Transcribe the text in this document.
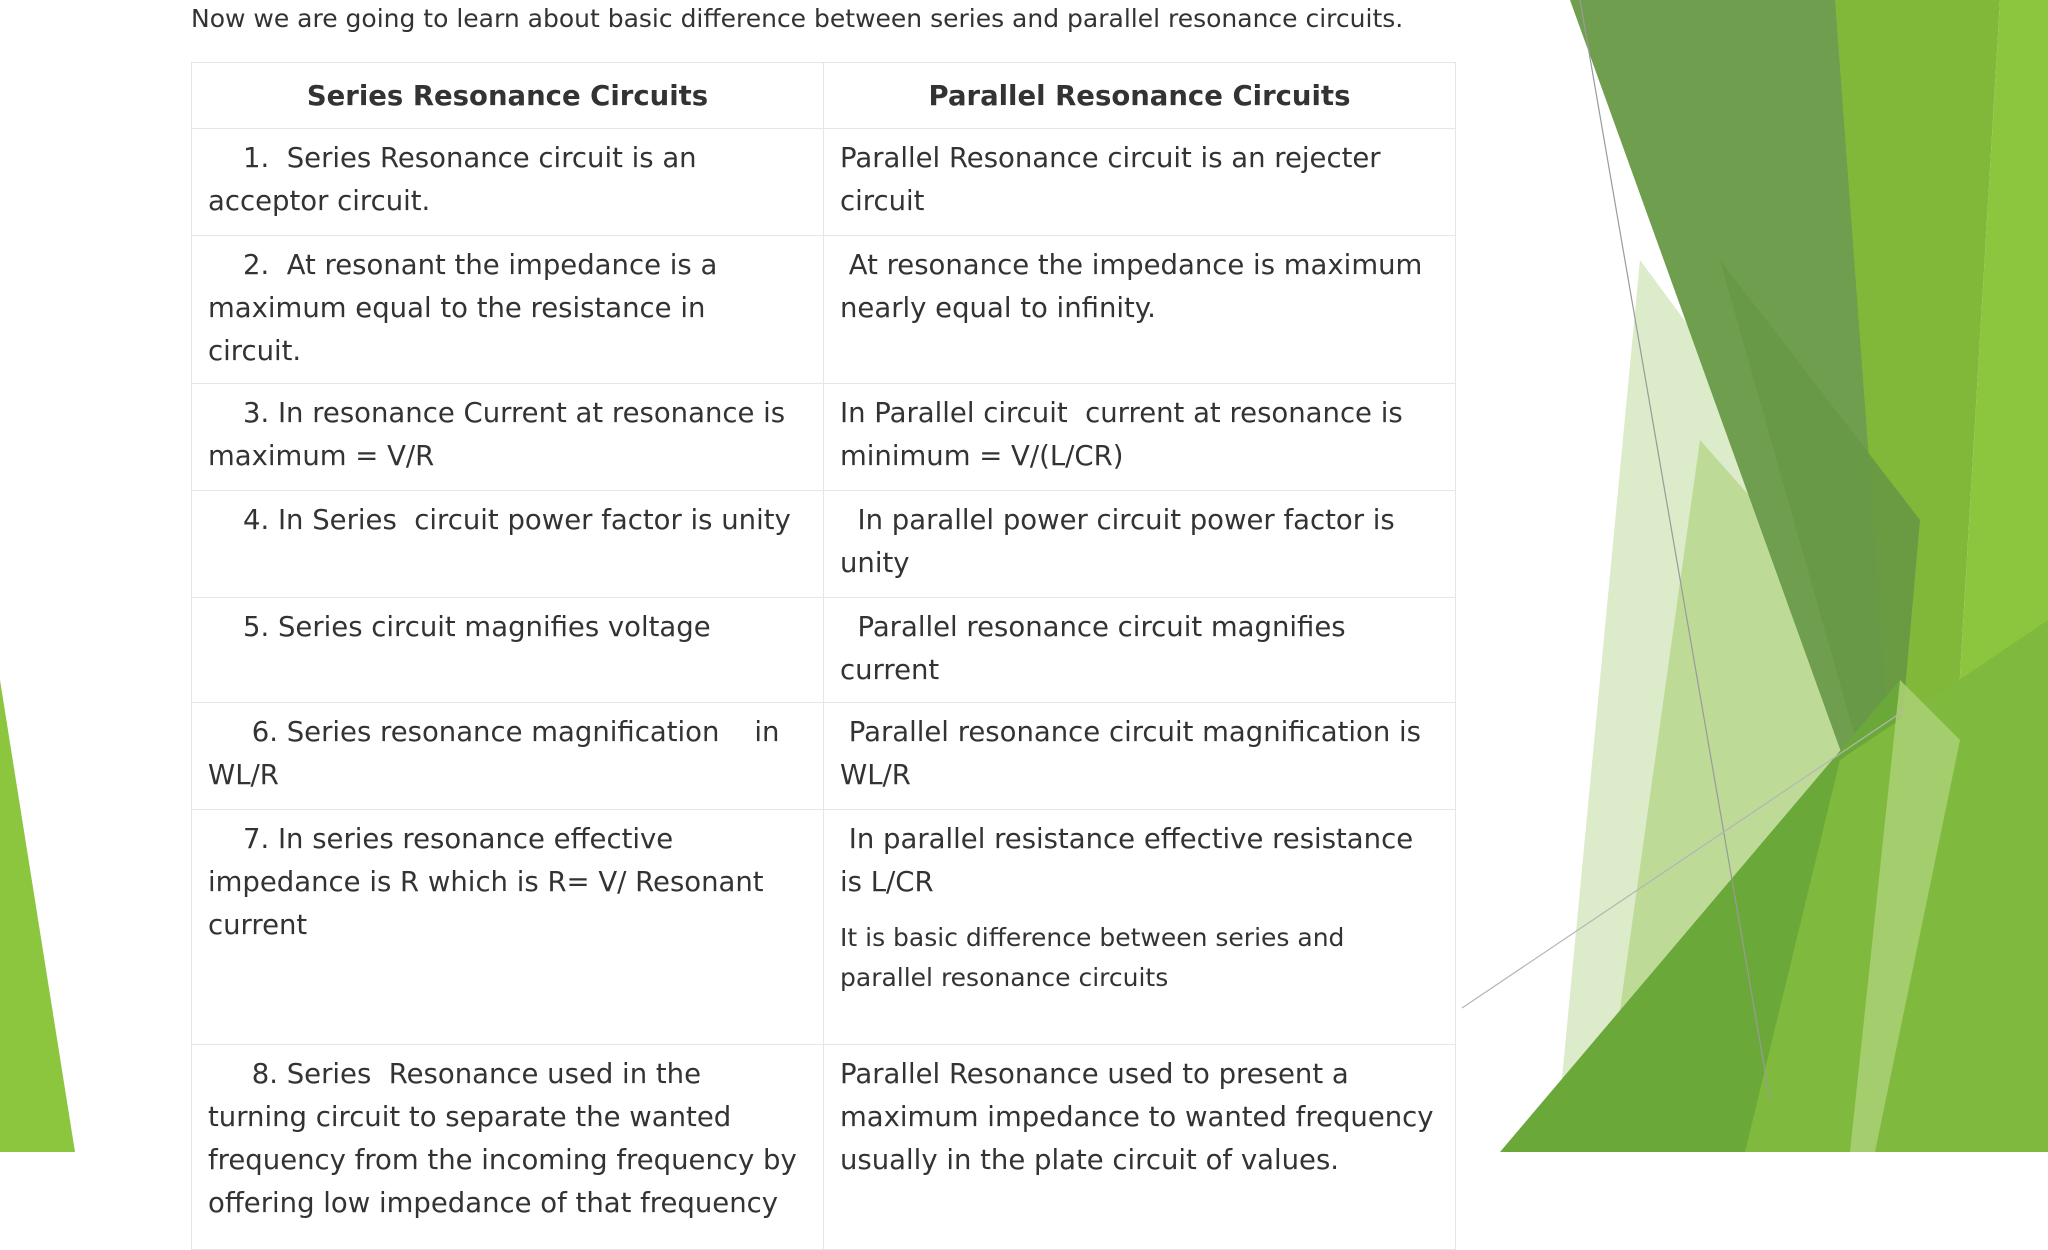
Now we are going to learn about basic difference between series and parallel resonance circuits.
Series Resonance Circuits	Parallel Resonance Circuits
1.  Series Resonance circuit is an acceptor circuit.	Parallel Resonance circuit is an rejecter circuit
2.  At resonant the impedance is a maximum equal to the resistance in circuit.	At resonance the impedance is maximum nearly equal to infinity.
3. In resonance Current at resonance is maximum = V/R	In Parallel circuit  current at resonance is minimum = V/(L/CR)
4. In Series  circuit power factor is unity	In parallel power circuit power factor is unity
5. Series circuit magnifies voltage	Parallel resonance circuit magnifies current
6. Series resonance magnification    in WL/R	Parallel resonance circuit magnification is WL/R
7. In series resonance effective impedance is R which is R= V/ Resonant current	In parallel resistance effective resistance is L/CR
It is basic difference between series and parallel resonance circuits

8. Series  Resonance used in the turning circuit to separate the wanted frequency from the incoming frequency by offering low impedance of that frequency	Parallel Resonance used to present a maximum impedance to wanted frequency usually in the plate circuit of values.
